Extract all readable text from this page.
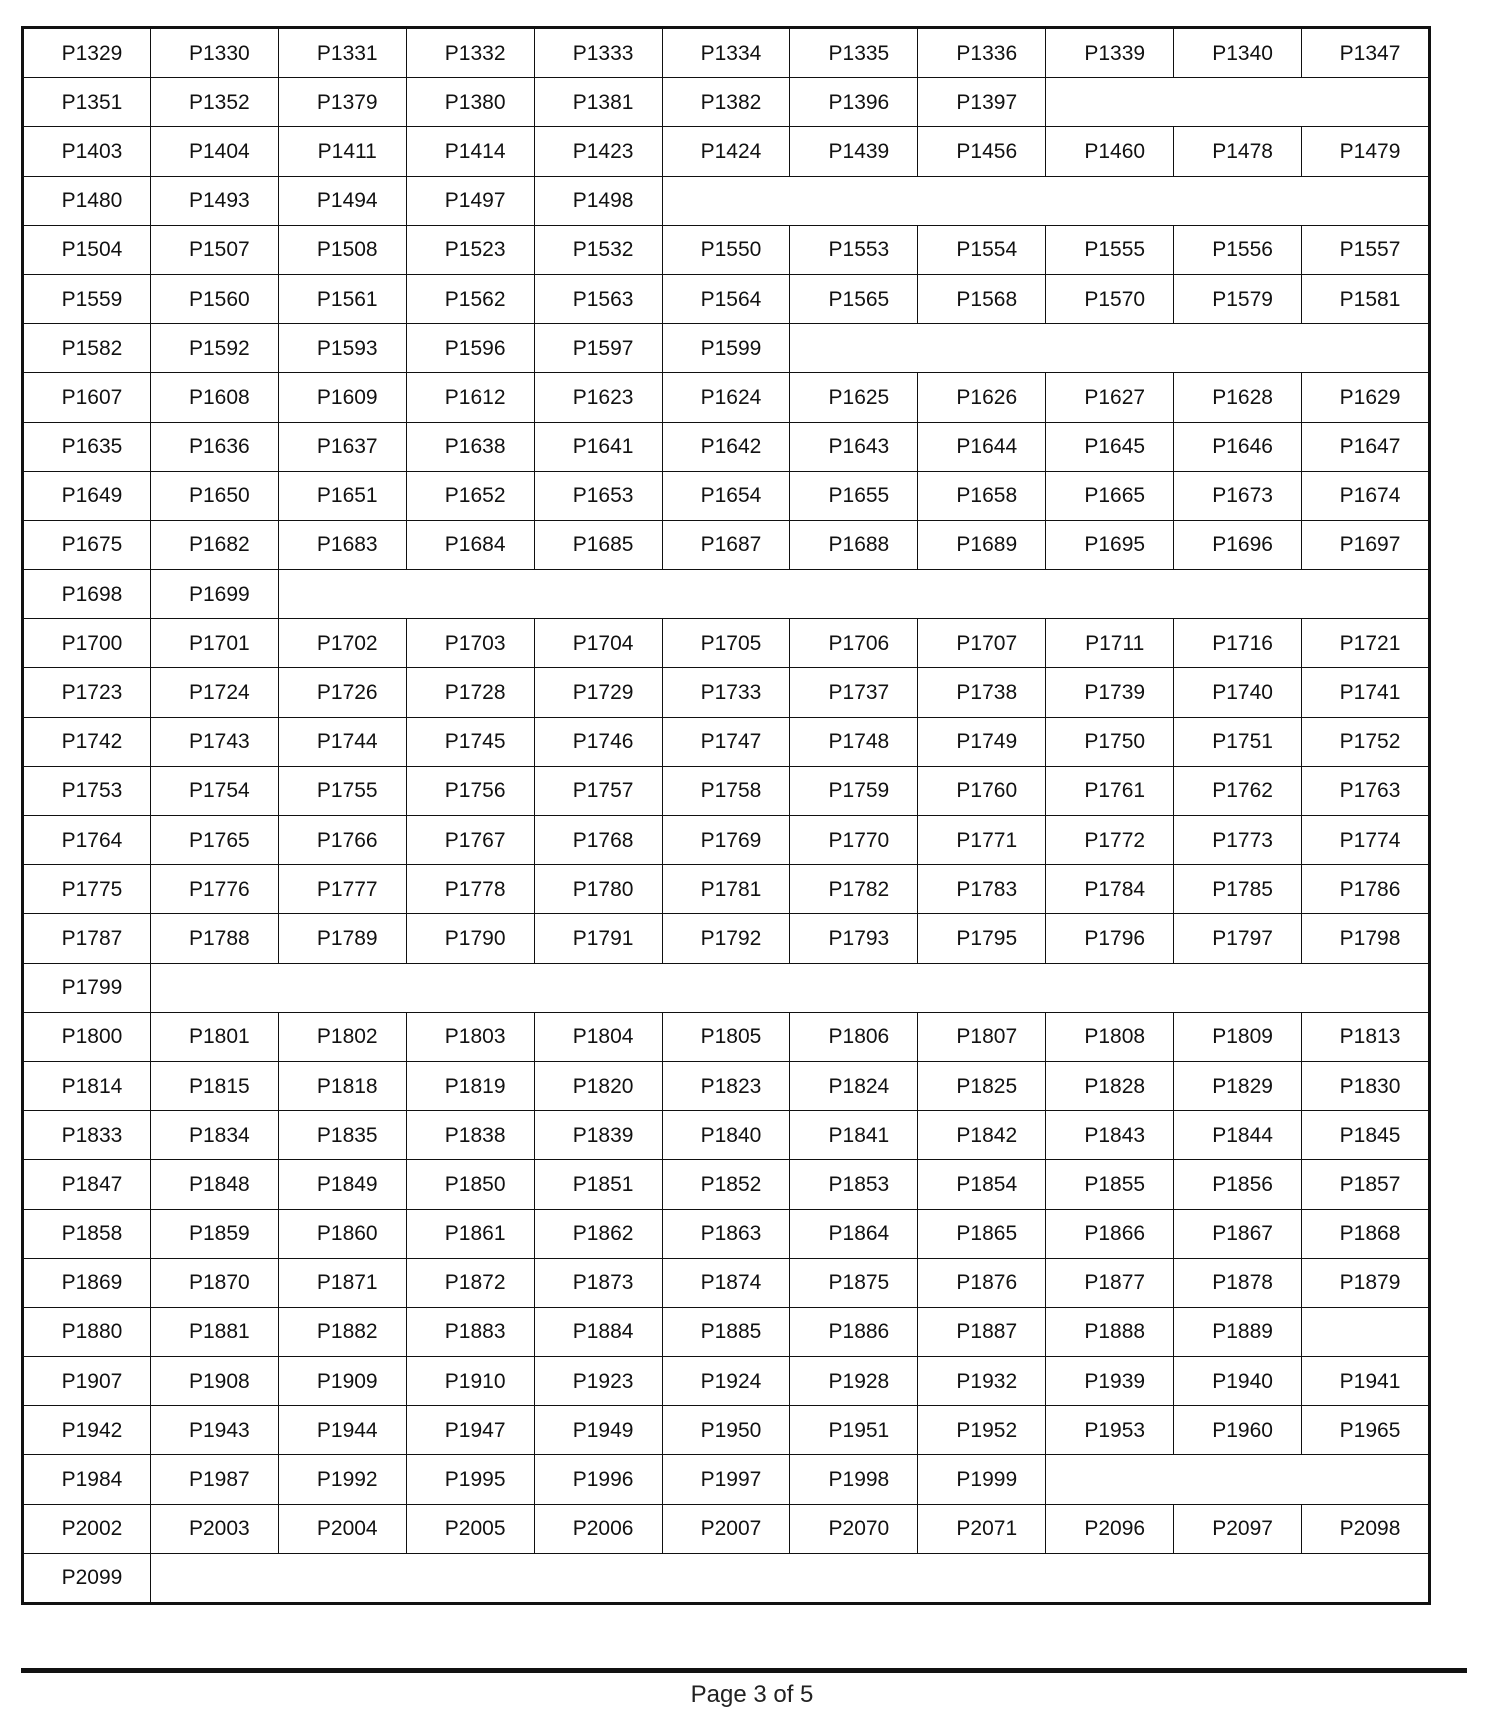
P1329	P1330	P1331	P1332	P1333	P1334	P1335	P1336	P1339	P1340	P1347
P1351	P1352	P1379	P1380	P1381	P1382	P1396	P1397			
P1403	P1404	P1411	P1414	P1423	P1424	P1439	P1456	P1460	P1478	P1479
P1480	P1493	P1494	P1497	P1498						
P1504	P1507	P1508	P1523	P1532	P1550	P1553	P1554	P1555	P1556	P1557
P1559	P1560	P1561	P1562	P1563	P1564	P1565	P1568	P1570	P1579	P1581
P1582	P1592	P1593	P1596	P1597	P1599					
P1607	P1608	P1609	P1612	P1623	P1624	P1625	P1626	P1627	P1628	P1629
P1635	P1636	P1637	P1638	P1641	P1642	P1643	P1644	P1645	P1646	P1647
P1649	P1650	P1651	P1652	P1653	P1654	P1655	P1658	P1665	P1673	P1674
P1675	P1682	P1683	P1684	P1685	P1687	P1688	P1689	P1695	P1696	P1697
P1698	P1699									
P1700	P1701	P1702	P1703	P1704	P1705	P1706	P1707	P1711	P1716	P1721
P1723	P1724	P1726	P1728	P1729	P1733	P1737	P1738	P1739	P1740	P1741
P1742	P1743	P1744	P1745	P1746	P1747	P1748	P1749	P1750	P1751	P1752
P1753	P1754	P1755	P1756	P1757	P1758	P1759	P1760	P1761	P1762	P1763
P1764	P1765	P1766	P1767	P1768	P1769	P1770	P1771	P1772	P1773	P1774
P1775	P1776	P1777	P1778	P1780	P1781	P1782	P1783	P1784	P1785	P1786
P1787	P1788	P1789	P1790	P1791	P1792	P1793	P1795	P1796	P1797	P1798
P1799										
P1800	P1801	P1802	P1803	P1804	P1805	P1806	P1807	P1808	P1809	P1813
P1814	P1815	P1818	P1819	P1820	P1823	P1824	P1825	P1828	P1829	P1830
P1833	P1834	P1835	P1838	P1839	P1840	P1841	P1842	P1843	P1844	P1845
P1847	P1848	P1849	P1850	P1851	P1852	P1853	P1854	P1855	P1856	P1857
P1858	P1859	P1860	P1861	P1862	P1863	P1864	P1865	P1866	P1867	P1868
P1869	P1870	P1871	P1872	P1873	P1874	P1875	P1876	P1877	P1878	P1879
P1880	P1881	P1882	P1883	P1884	P1885	P1886	P1887	P1888	P1889	
P1907	P1908	P1909	P1910	P1923	P1924	P1928	P1932	P1939	P1940	P1941
P1942	P1943	P1944	P1947	P1949	P1950	P1951	P1952	P1953	P1960	P1965
P1984	P1987	P1992	P1995	P1996	P1997	P1998	P1999			
P2002	P2003	P2004	P2005	P2006	P2007	P2070	P2071	P2096	P2097	P2098
P2099										
Page 3 of 5
